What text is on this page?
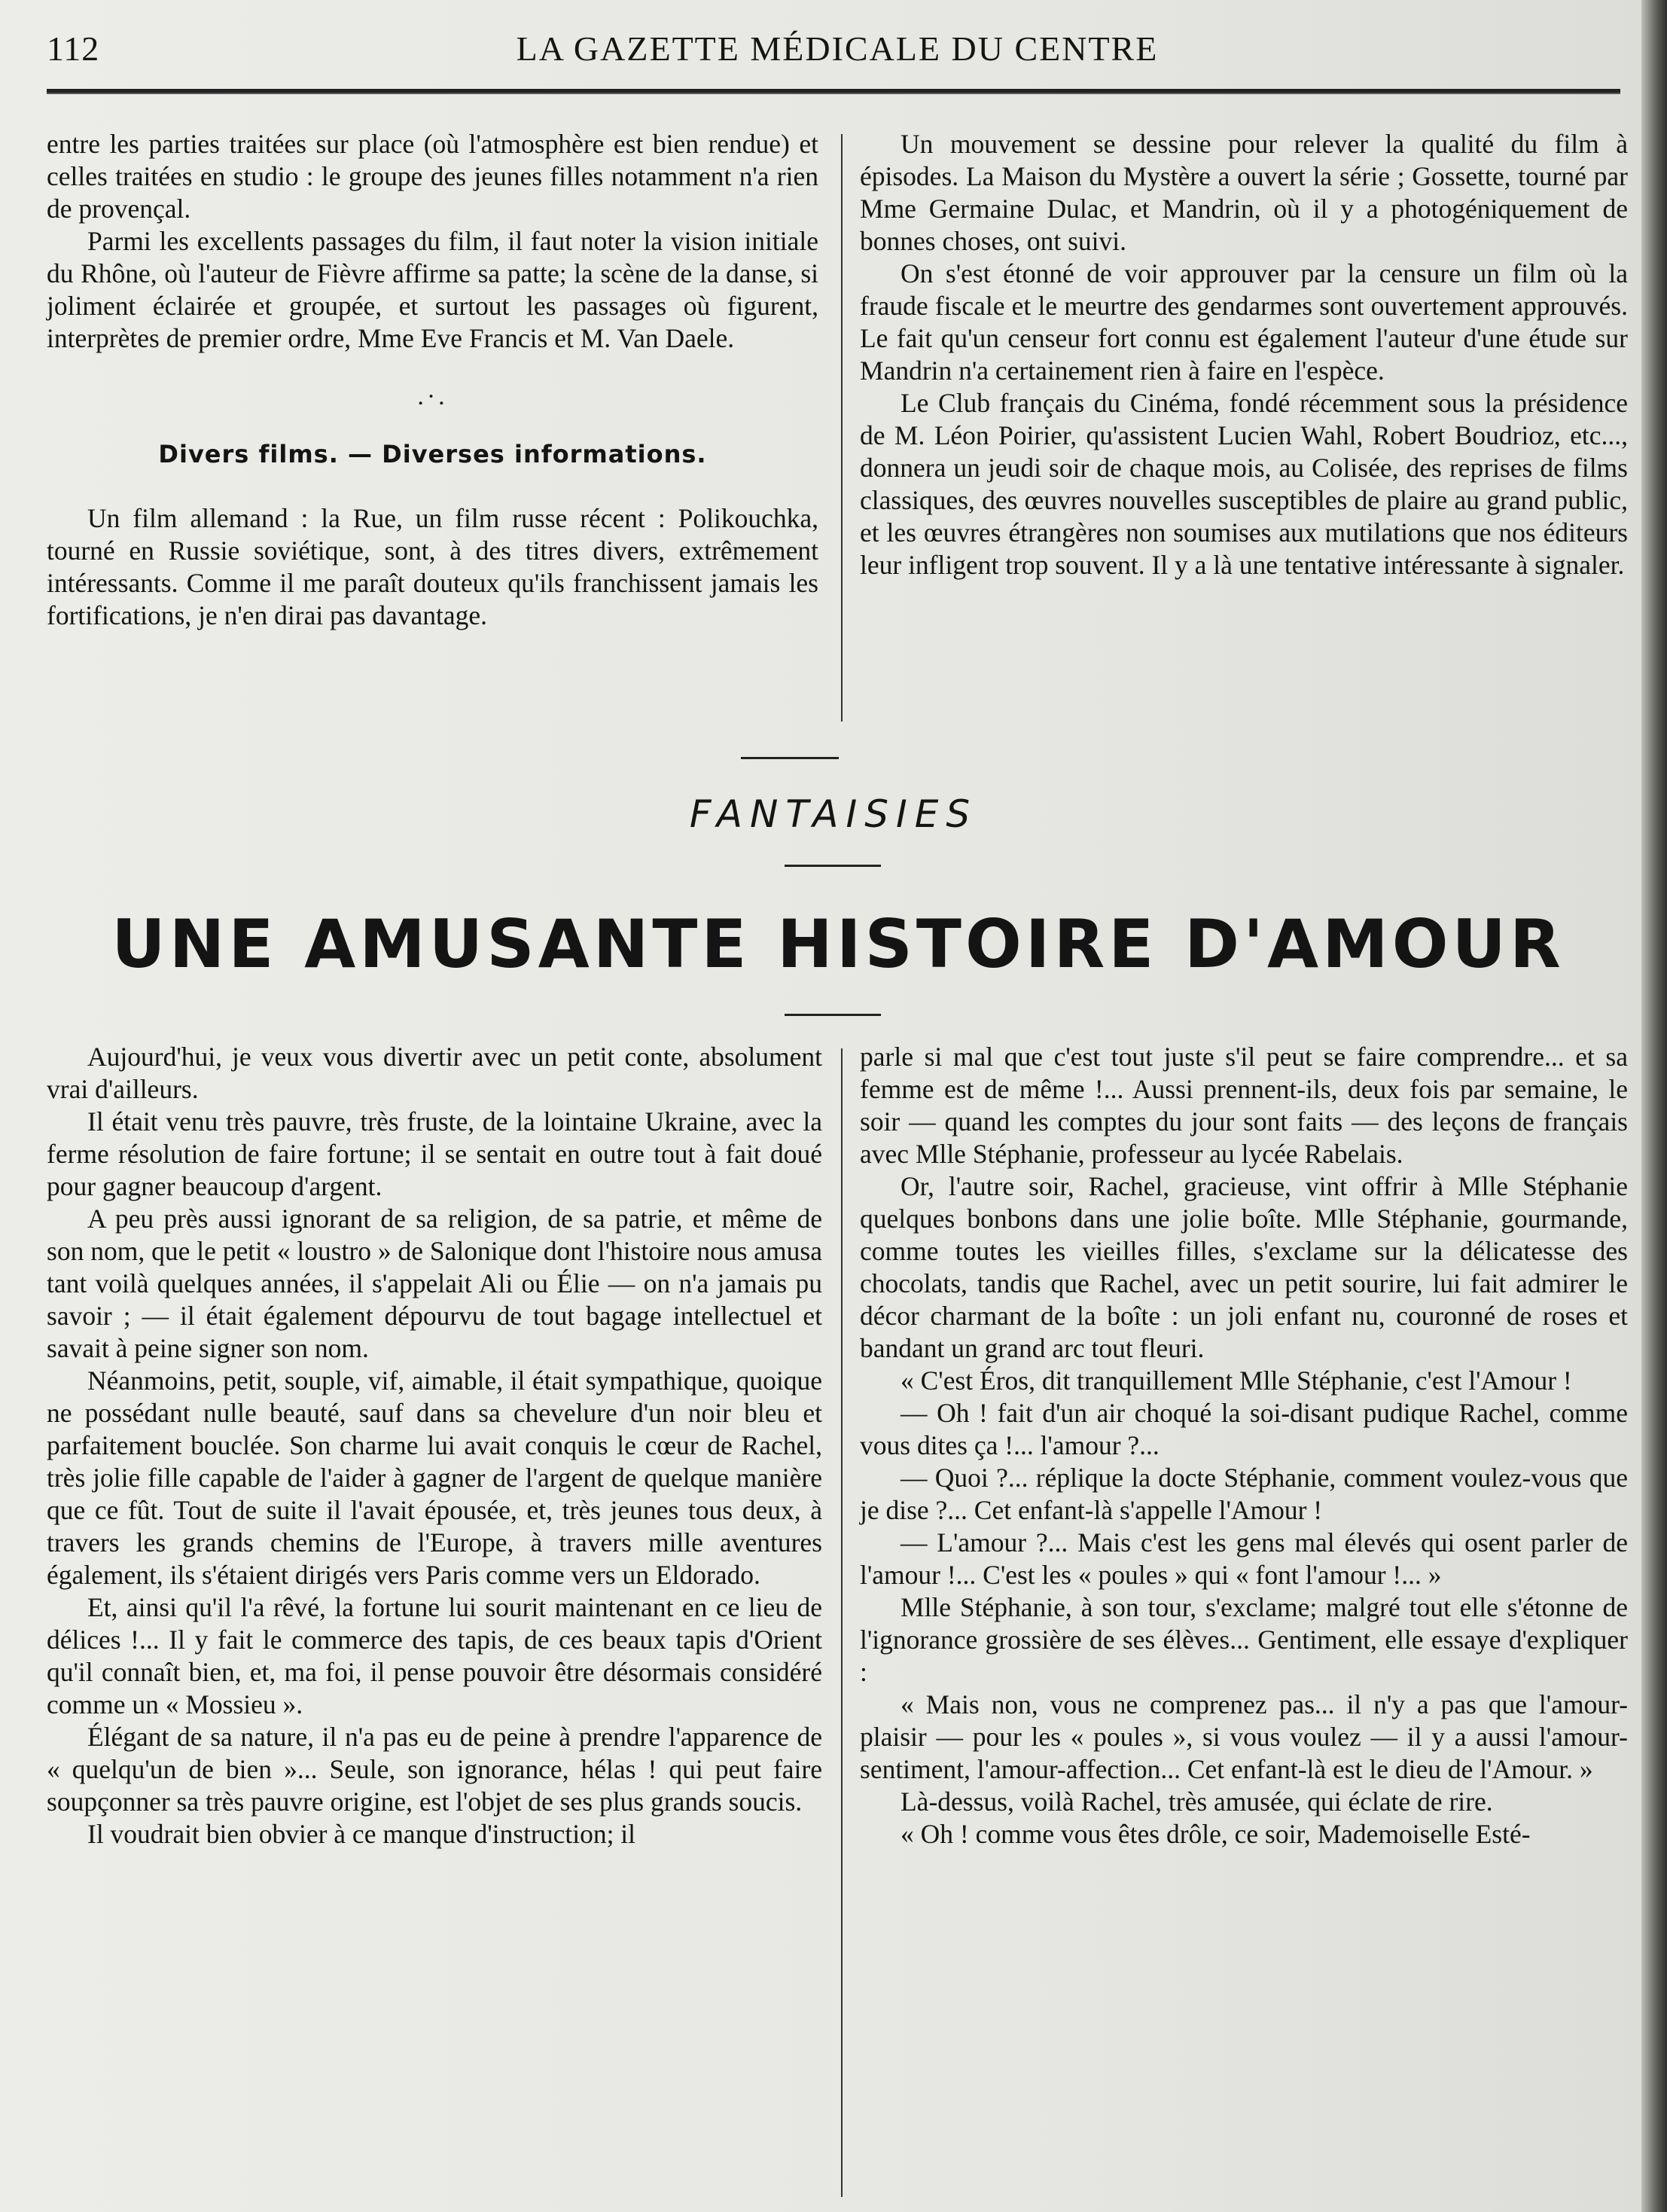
112	LA GAZETTE MÉDICALE DU CENTRE

entre les parties traitées sur place (où l'atmosphère est bien rendue) et celles traitées en studio : le groupe des jeunes filles notamment n'a rien de provençal.

Parmi les excellents passages du film, il faut noter la vision initiale du Rhône, où l'auteur de Fièvre affirme sa patte; la scène de la danse, si joliment éclairée et groupée, et surtout les passages où figurent, interprètes de premier ordre, Mme Eve Francis et M. Van Daele.

.·.
Divers films. — Diverses informations.

Un film allemand : la Rue, un film russe récent : Polikouchka, tourné en Russie soviétique, sont, à des titres divers, extrêmement intéressants. Comme il me paraît douteux qu'ils franchissent jamais les fortifications, je n'en dirai pas davantage.

Un mouvement se dessine pour relever la qualité du film à épisodes. La Maison du Mystère a ouvert la série ; Gossette, tourné par Mme Germaine Dulac, et Mandrin, où il y a photogéniquement de bonnes choses, ont suivi.

On s'est étonné de voir approuver par la censure un film où la fraude fiscale et le meurtre des gendarmes sont ouvertement approuvés. Le fait qu'un censeur fort connu est également l'auteur d'une étude sur Mandrin n'a certainement rien à faire en l'espèce.

Le Club français du Cinéma, fondé récemment sous la présidence de M. Léon Poirier, qu'assistent Lucien Wahl, Robert Boudrioz, etc..., donnera un jeudi soir de chaque mois, au Colisée, des reprises de films classiques, des œuvres nouvelles susceptibles de plaire au grand public, et les œuvres étrangères non soumises aux mutilations que nos éditeurs leur infligent trop souvent. Il y a là une tentative intéressante à signaler.

FANTAISIES
UNE AMUSANTE HISTOIRE D'AMOUR

Aujourd'hui, je veux vous divertir avec un petit conte, absolument vrai d'ailleurs.

Il était venu très pauvre, très fruste, de la lointaine Ukraine, avec la ferme résolution de faire fortune; il se sentait en outre tout à fait doué pour gagner beaucoup d'argent.

A peu près aussi ignorant de sa religion, de sa patrie, et même de son nom, que le petit « loustro » de Salonique dont l'histoire nous amusa tant voilà quelques années, il s'appelait Ali ou Élie — on n'a jamais pu savoir ; — il était également dépourvu de tout bagage intellectuel et savait à peine signer son nom.

Néanmoins, petit, souple, vif, aimable, il était sympathique, quoique ne possédant nulle beauté, sauf dans sa chevelure d'un noir bleu et parfaitement bouclée. Son charme lui avait conquis le cœur de Rachel, très jolie fille capable de l'aider à gagner de l'argent de quelque manière que ce fût. Tout de suite il l'avait épousée, et, très jeunes tous deux, à travers les grands chemins de l'Europe, à travers mille aventures également, ils s'étaient dirigés vers Paris comme vers un Eldorado.

Et, ainsi qu'il l'a rêvé, la fortune lui sourit maintenant en ce lieu de délices !... Il y fait le commerce des tapis, de ces beaux tapis d'Orient qu'il connaît bien, et, ma foi, il pense pouvoir être désormais considéré comme un « Mossieu ».

Élégant de sa nature, il n'a pas eu de peine à prendre l'apparence de « quelqu'un de bien »... Seule, son ignorance, hélas ! qui peut faire soupçonner sa très pauvre origine, est l'objet de ses plus grands soucis.

Il voudrait bien obvier à ce manque d'instruction; il

parle si mal que c'est tout juste s'il peut se faire comprendre... et sa femme est de même !... Aussi prennent-ils, deux fois par semaine, le soir — quand les comptes du jour sont faits — des leçons de français avec Mlle Stéphanie, professeur au lycée Rabelais.

Or, l'autre soir, Rachel, gracieuse, vint offrir à Mlle Stéphanie quelques bonbons dans une jolie boîte. Mlle Stéphanie, gourmande, comme toutes les vieilles filles, s'exclame sur la délicatesse des chocolats, tandis que Rachel, avec un petit sourire, lui fait admirer le décor charmant de la boîte : un joli enfant nu, couronné de roses et bandant un grand arc tout fleuri.

« C'est Éros, dit tranquillement Mlle Stéphanie, c'est l'Amour !

— Oh ! fait d'un air choqué la soi-disant pudique Rachel, comme vous dites ça !... l'amour ?...

— Quoi ?... réplique la docte Stéphanie, comment voulez-vous que je dise ?... Cet enfant-là s'appelle l'Amour !

— L'amour ?... Mais c'est les gens mal élevés qui osent parler de l'amour !... C'est les « poules » qui « font l'amour !... »

Mlle Stéphanie, à son tour, s'exclame; malgré tout elle s'étonne de l'ignorance grossière de ses élèves... Gentiment, elle essaye d'expliquer :

« Mais non, vous ne comprenez pas... il n'y a pas que l'amour-plaisir — pour les « poules », si vous voulez — il y a aussi l'amour-sentiment, l'amour-affection... Cet enfant-là est le dieu de l'Amour. »

Là-dessus, voilà Rachel, très amusée, qui éclate de rire.

« Oh ! comme vous êtes drôle, ce soir, Mademoiselle Esté-
